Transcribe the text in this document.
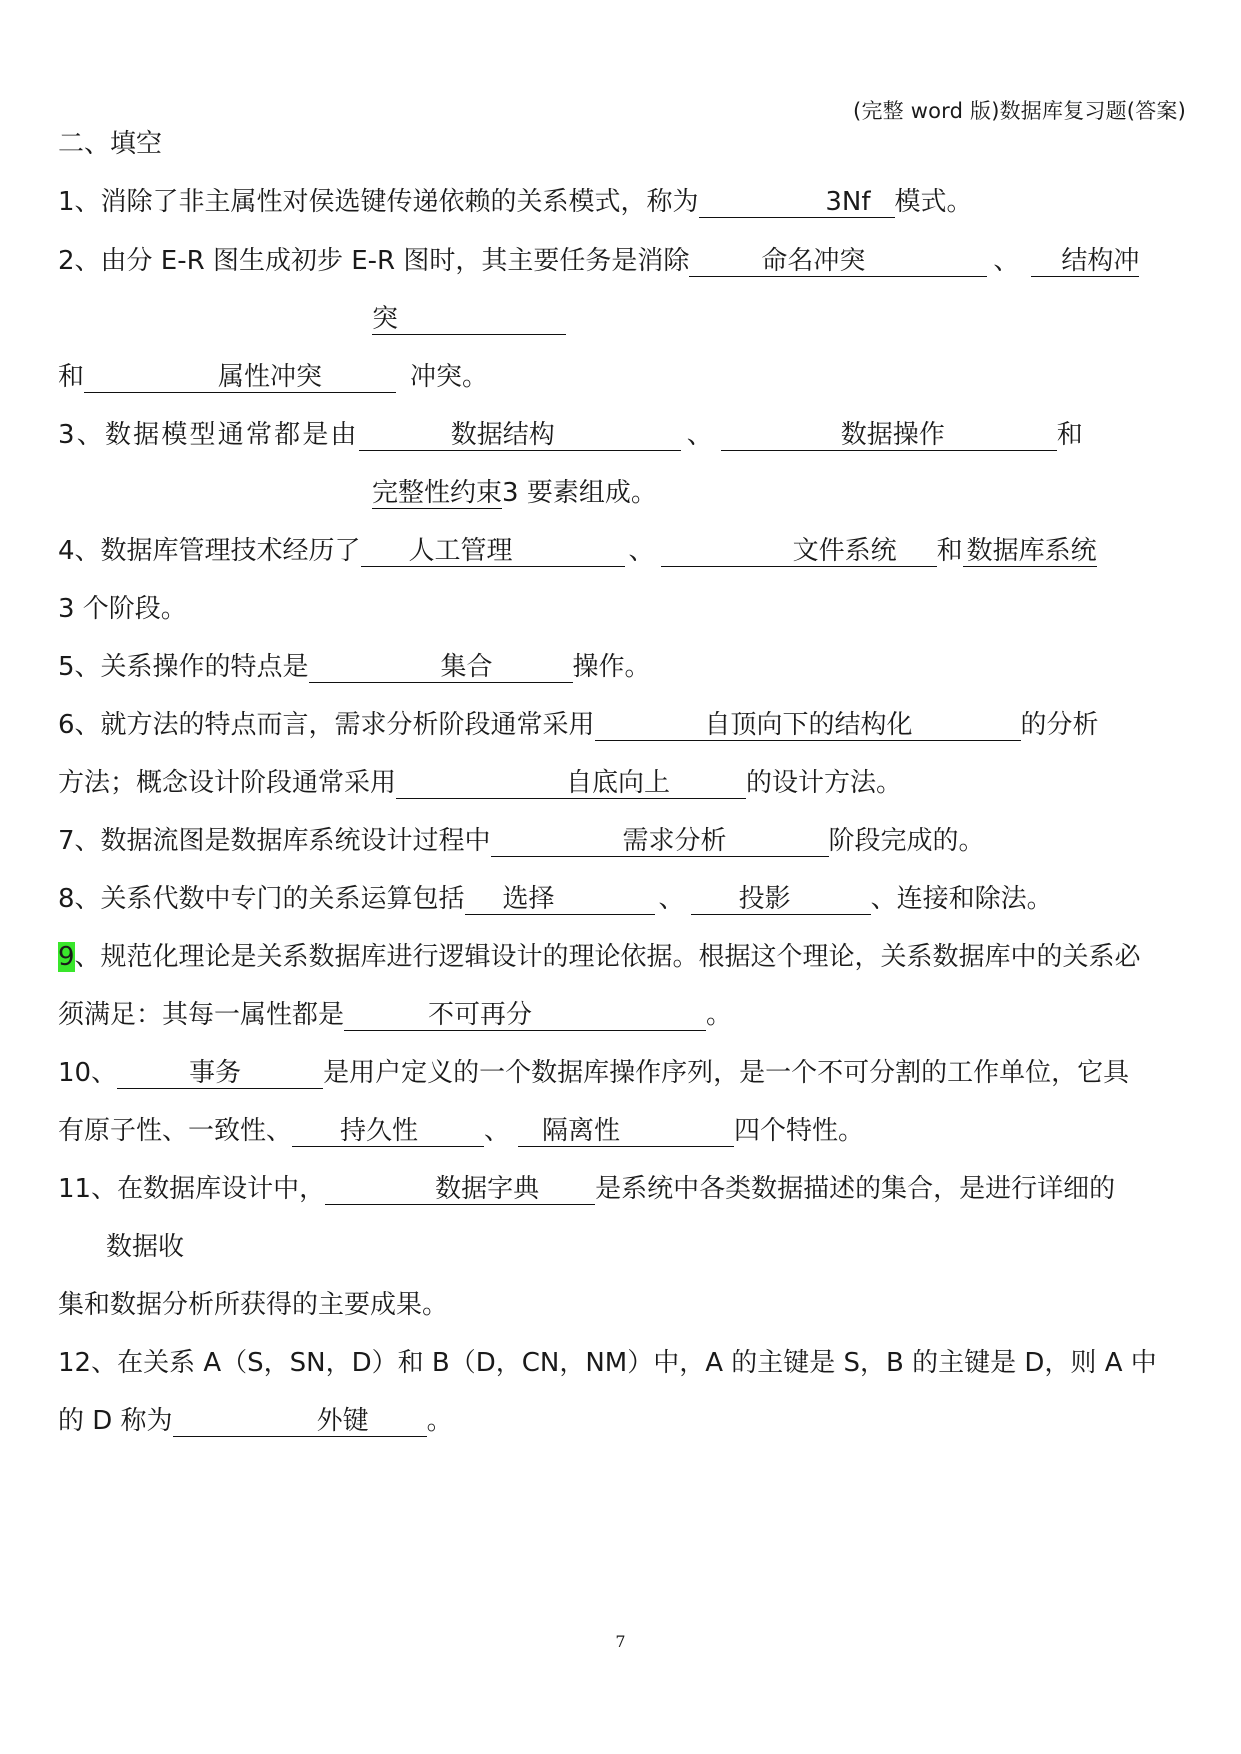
(完整 word 版)数据库复习题(答案)
二、填空
1、消除了非主属性对侯选键传递依赖的关系模式，称为	3Nf 模式。
2、由分 E-R 图生成初步 E-R 图时，其主要任务是消除	命名冲突	、 结构冲
突
和	属性冲突	冲突。
3、数据模型通常都是由	数据结构	、	数据操作	和
完整性约束3 要素组成。
4、数据库管理技术经历了 人工管理	、	文件系统 和 数据库系统
3 个阶段。
5、关系操作的特点是	集合	操作。
6、就方法的特点而言，需求分析阶段通常采用	自顶向下的结构化	的分析
方法；概念设计阶段通常采用	自底向上	的设计方法。
7、数据流图是数据库系统设计过程中	需求分析	阶段完成的。
8、关系代数中专门的关系运算包括 选择	、 投影	、连接和除法。
9、规范化理论是关系数据库进行逻辑设计的理论依据。根据这个理论，关系数据库中的关系必
须满足：其每一属性都是	不可再分	。
10、	事务	是用户定义的一个数据库操作序列，是一个不可分割的工作单位，它具
有原子性、一致性、 持久性	、 隔离性	四个特性。
11、在数据库设计中，	数据字典 是系统中各类数据描述的集合，是进行详细的
数据收
集和数据分析所获得的主要成果。
12、在关系 A（S，SN，D）和 B（D，CN，NM）中，A 的主键是 S，B 的主键是 D，则 A 中
的 D 称为	外键 。
7
